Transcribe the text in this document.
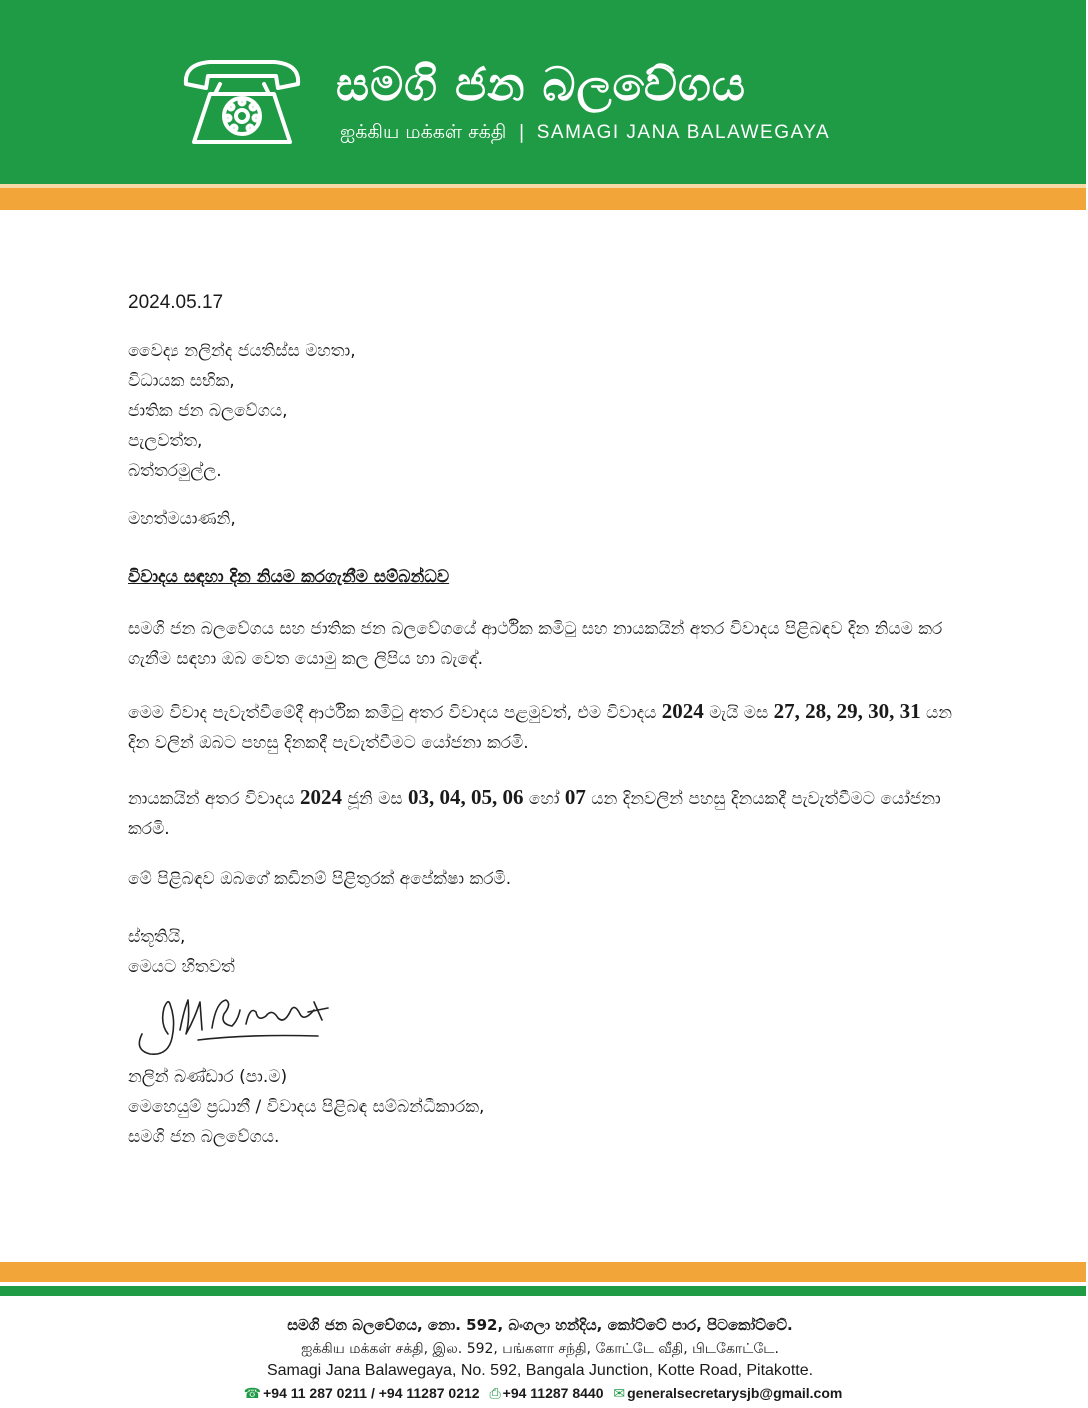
සමගි ජන බලවේගය
ஐக்கிய மக்கள் சக்தி | SAMAGI JANA BALAWEGAYA
2024.05.17
වෛද්‍ය නලින්ද ජයතිස්ස මහතා,
විධායක සභික,
ජාතික ජන බලවේගය,
පැලවත්ත,
බත්තරමුල්ල.
මහත්මයාණනි,
විවාදය සඳහා දින නියම කරගැනීම සම්බන්ධව
සමගි ජන බලවේගය සහ ජාතික ජන බලවේගයේ ආර්ථික කමිටු සහ නායකයින් අතර විවාදය පිළිබඳව දින නියම කර ගැනීම සඳහා ඔබ වෙත යොමු කල ලිපිය හා බැඳේ.
මෙම විවාද පැවැත්වීමේදී ආර්ථික කමිටු අතර විවාදය පළමුවත්, එම විවාදය 2024 මැයි මස 27, 28, 29, 30, 31 යන දින වලින් ඔබට පහසු දිනකදී පැවැත්වීමට යෝජනා කරමි.
නායකයින් අතර විවාදය 2024 ජූනි මස 03, 04, 05, 06 හෝ 07 යන දිනවලින් පහසු දිනයකදී පැවැත්වීමට යෝජනා කරමි.
මේ පිළිබඳව ඔබගේ කඩිනම් පිළිතුරක් අපේක්ෂා කරමි.
ස්තූතියි,
මෙයට හිතවත්
නලින් බණ්ඩාර (පා.ම)
මෙහෙයුම් ප්‍රධානී / විවාදය පිළිබඳ සම්බන්ධීකාරක,
සමගි ජන බලවේගය.
සමගි ජන බලවේගය, නො. 592, බංගලා හන්දිය, කෝට්ටේ පාර, පිටකෝට්ටේ.
ஐக்கிய மக்கள் சக்தி, இல. 592, பங்களா சந்தி, கோட்டே வீதி, பிடகோட்டே.
Samagi Jana Balawegaya, No. 592, Bangala Junction, Kotte Road, Pitakotte.
☎ +94 11 287 0211 / +94 11287 0212 ⎙ +94 11287 8440 ✉ generalsecretarysjb@gmail.com
